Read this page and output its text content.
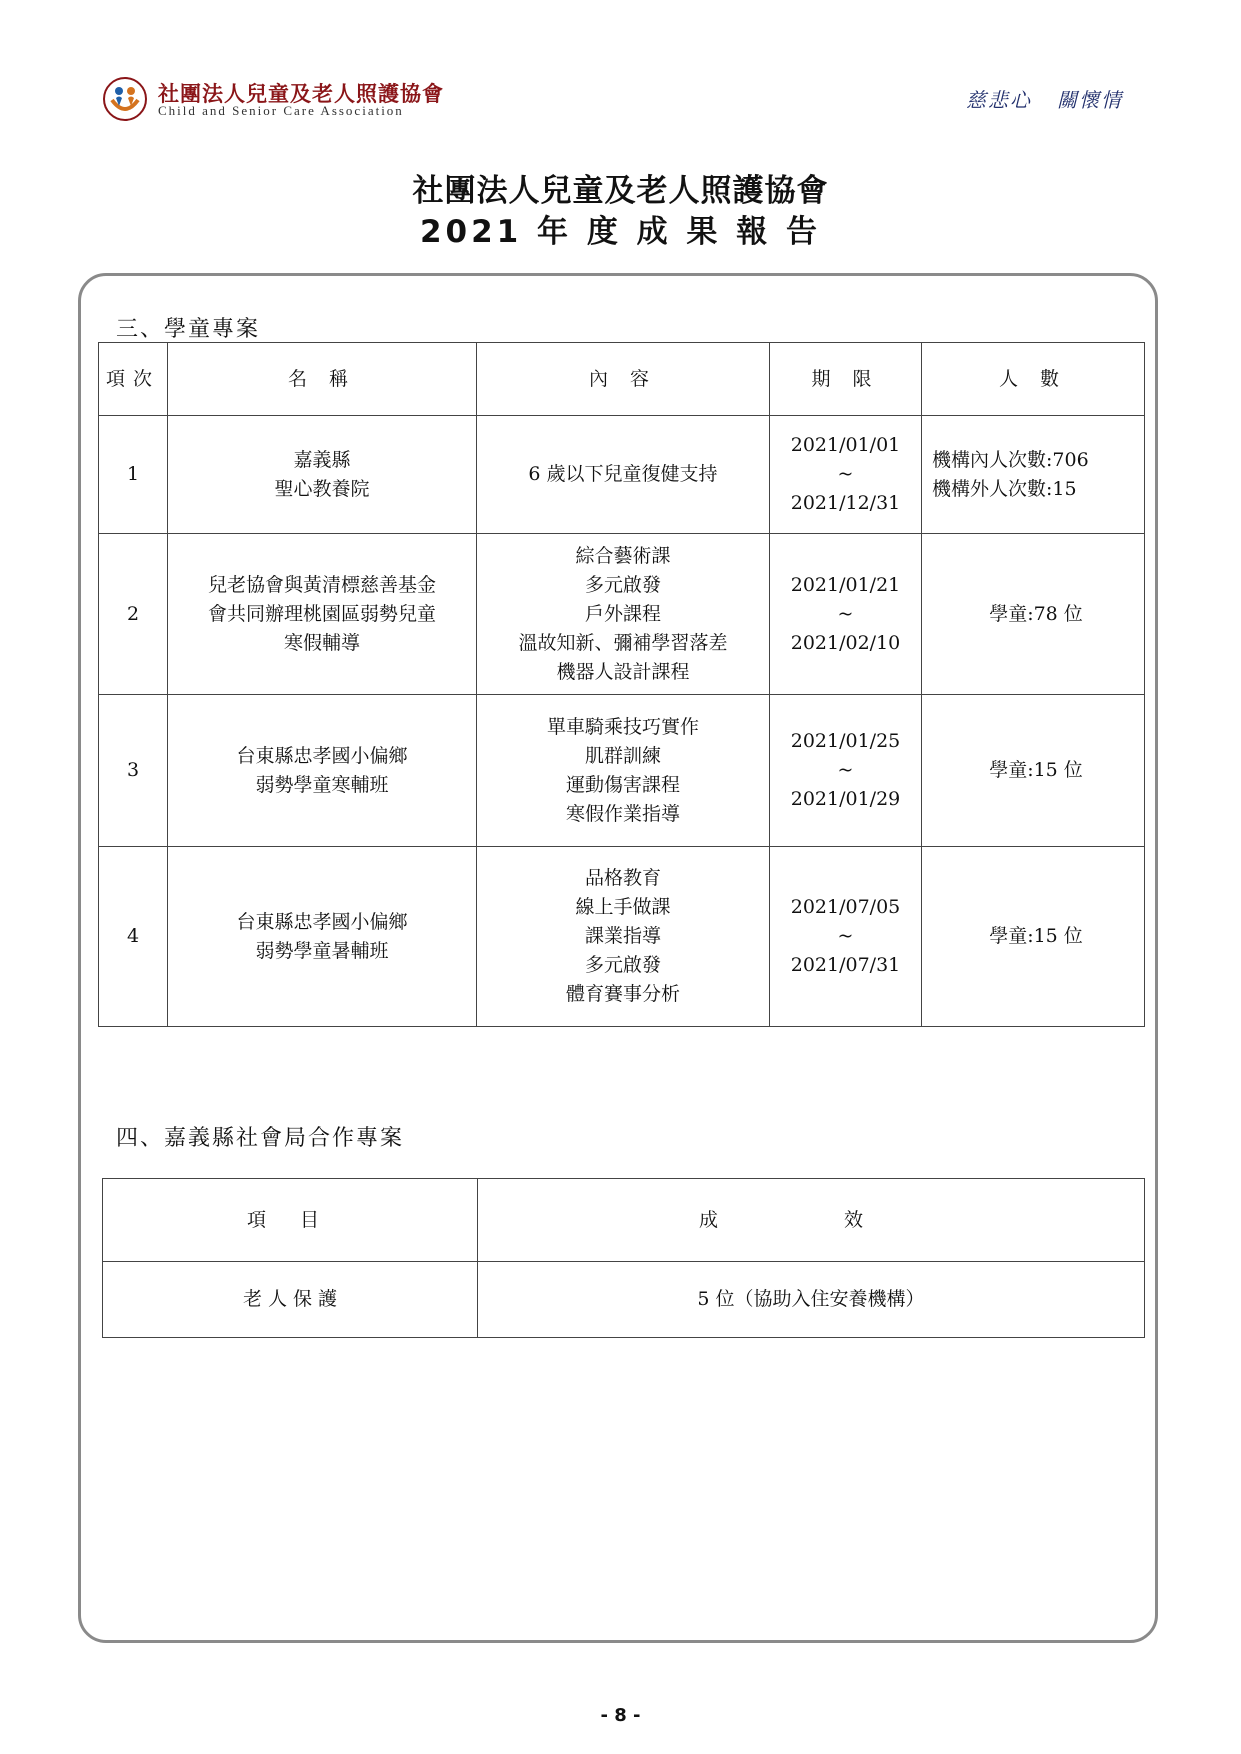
社團法人兒童及老人照護協會
Child and Senior Care Association	慈悲心   關懷情
社團法人兒童及老人照護協會
2021 年 度 成 果 報 告
三、學童專案
項次	名 稱	內 容	期 限	人 數
1	嘉義縣
聖心教養院	6 歲以下兒童復健支持	2021/01/01
~
2021/12/31	機構內人次數:706
機構外人次數:15

2	兒老協會與黃清標慈善基金
會共同辦理桃園區弱勢兒童
寒假輔導	綜合藝術課
多元啟發
戶外課程
溫故知新、彌補學習落差
機器人設計課程	2021/01/21
~
2021/02/10	學童:78 位

3	台東縣忠孝國小偏鄉
弱勢學童寒輔班	單車騎乘技巧實作
肌群訓練
運動傷害課程
寒假作業指導	2021/01/25
~
2021/01/29	學童:15 位

4	台東縣忠孝國小偏鄉
弱勢學童暑輔班	品格教育
線上手做課
課業指導
多元啟發
體育賽事分析	2021/07/05
~
2021/07/31	學童:15 位
四、嘉義縣社會局合作專案
項 目	成 效
老 人 保 護	5 位（協助入住安養機構）
- 8 -
